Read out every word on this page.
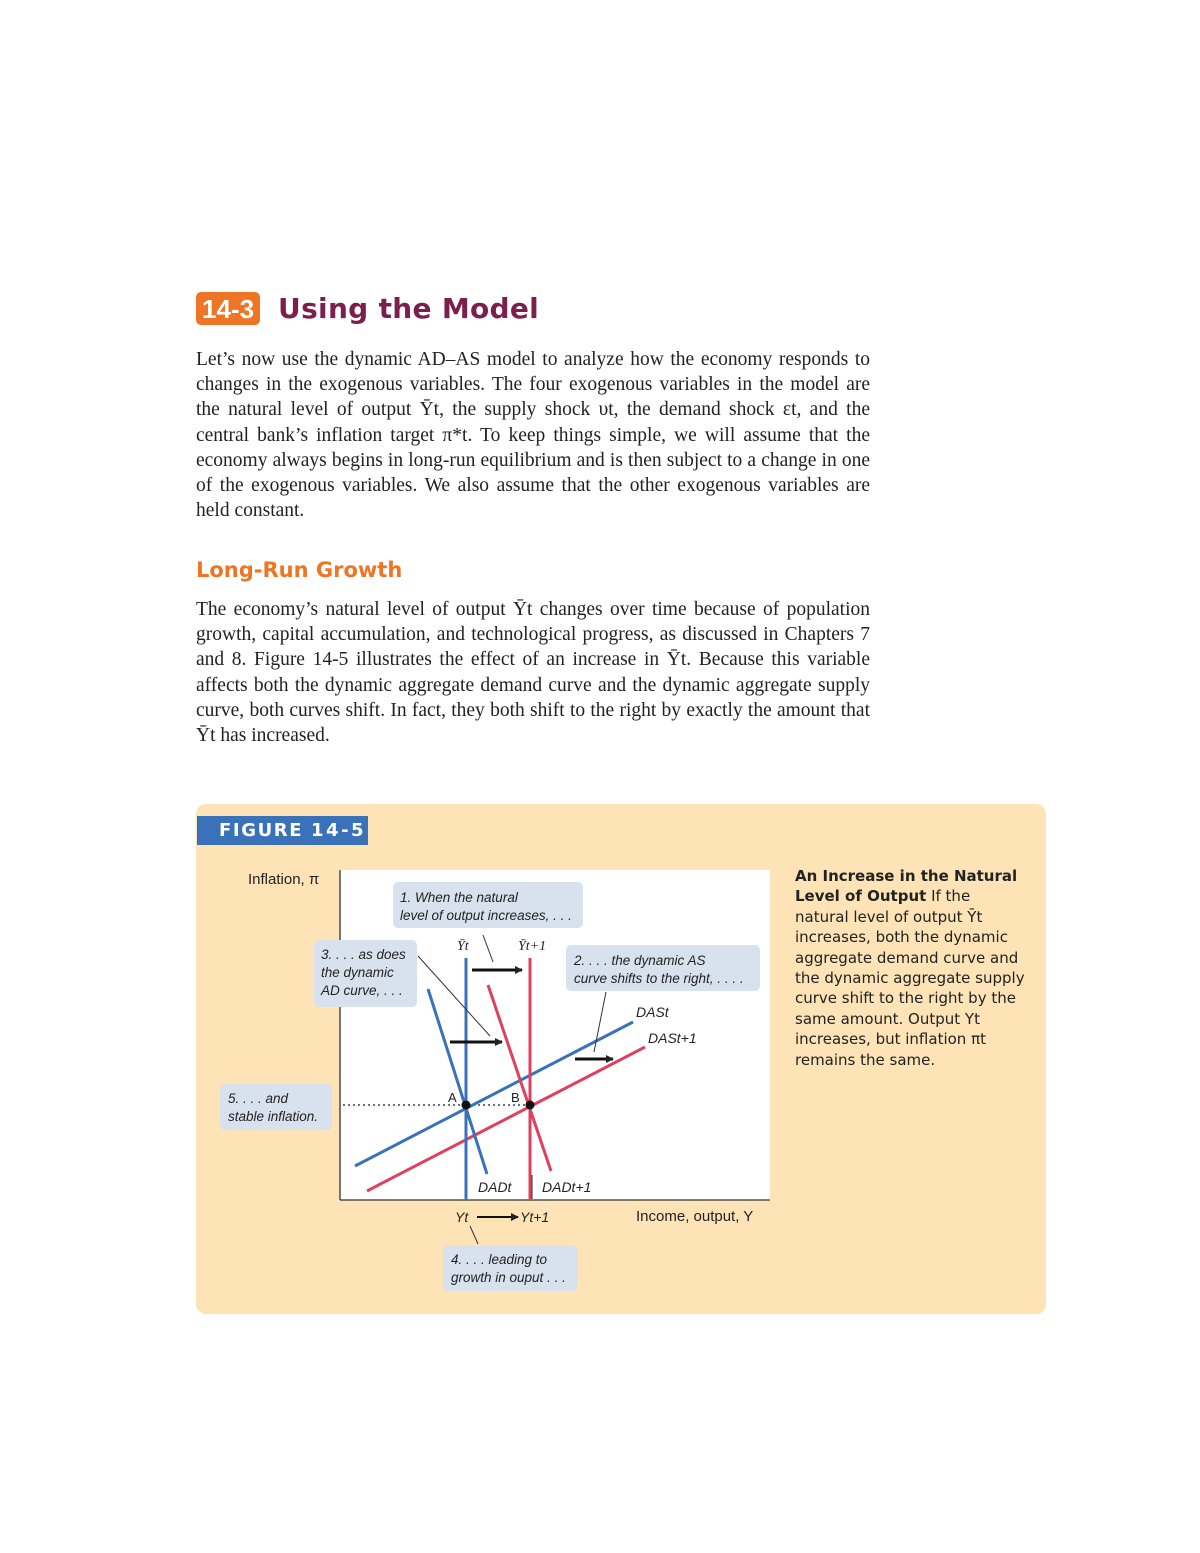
14-3 Using the Model

Let’s now use the dynamic AD–AS model to analyze how the economy responds to changes in the exogenous variables. The four exogenous variables in the model are the natural level of output Ȳt, the supply shock υt, the demand shock εt, and the central bank’s inflation target π*t. To keep things simple, we will assume that the economy always begins in long-run equilibrium and is then subject to a change in one of the exogenous variables. We also assume that the other exogenous variables are held constant.

Long-Run Growth

The economy’s natural level of output Ȳt changes over time because of population growth, capital accumulation, and technological progress, as discussed in Chapters 7 and 8. Figure 14-5 illustrates the effect of an increase in Ȳt. Because this variable affects both the dynamic aggregate demand curve and the dynamic aggregate supply curve, both curves shift. In fact, they both shift to the right by exactly the amount that Ȳt has increased.

FIGURE 14-5
Inflation, π
Income, output, Y
A	B
Ȳt	Ȳt+1
DASt
DASt+1
DADt DADt+1
Yt	Yt+1
1. When the natural
level of output increases, . . .
2. . . . the dynamic AS
curve shifts to the right, . . . .
3. . . . as does
the dynamic
AD curve, . . .
4. . . . leading to
growth in ouput . . .
5. . . . and
stable inflation.
An Increase in the Natural Level of Output If the natural level of output Ȳt increases, both the dynamic aggregate demand curve and the dynamic aggregate supply curve shift to the right by the same amount. Output Yt increases, but inflation πt remains the same.
